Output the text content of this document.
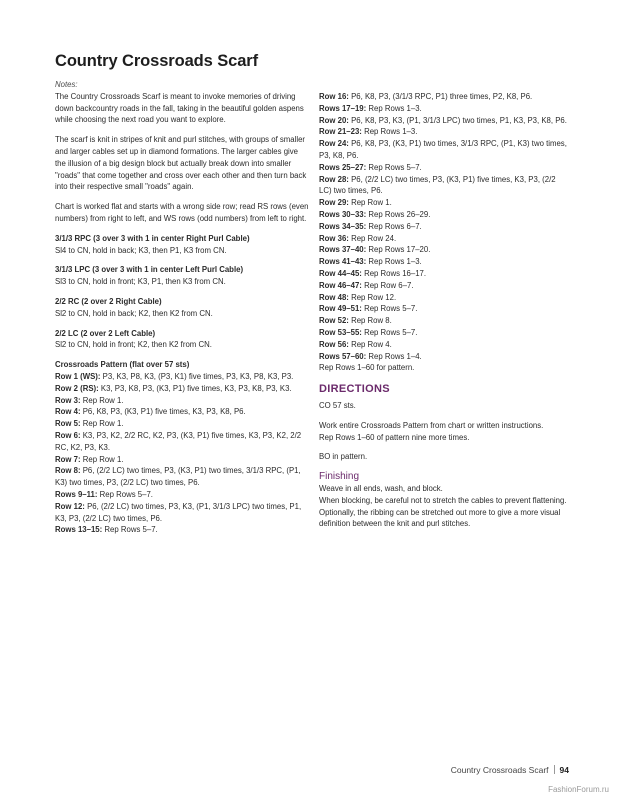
Country Crossroads Scarf

Notes:

The Country Crossroads Scarf is meant to invoke memories of driving down backcountry roads in the fall, taking in the beautiful golden aspens while choosing the next road you want to explore.

The scarf is knit in stripes of knit and purl stitches, with groups of smaller and larger cables set up in diamond formations. The larger cables give the illusion of a big design block but actually break down into smaller "roads" that come together and cross over each other and then turn back into their respective small "roads" again.

Chart is worked flat and starts with a wrong side row; read RS rows (even numbers) from right to left, and WS rows (odd numbers) from left to right.

3/1/3 RPC (3 over 3 with 1 in center Right Purl Cable)

Sl4 to CN, hold in back; K3, then P1, K3 from CN.

3/1/3 LPC (3 over 3 with 1 in center Left Purl Cable)

Sl3 to CN, hold in front; K3, P1, then K3 from CN.

2/2 RC (2 over 2 Right Cable)

Sl2 to CN, hold in back; K2, then K2 from CN.

2/2 LC (2 over 2 Left Cable)

Sl2 to CN, hold in front; K2, then K2 from CN.

Crossroads Pattern (flat over 57 sts)

Row 1 (WS): P3, K3, P8, K3, (P3, K1) five times, P3, K3, P8, K3, P3.

Row 2 (RS): K3, P3, K8, P3, (K3, P1) five times, K3, P3, K8, P3, K3.

Row 3: Rep Row 1.

Row 4: P6, K8, P3, (K3, P1) five times, K3, P3, K8, P6.

Row 5: Rep Row 1.

Row 6: K3, P3, K2, 2/2 RC, K2, P3, (K3, P1) five times, K3, P3, K2, 2/2 RC, K2, P3, K3.

Row 7: Rep Row 1.

Row 8: P6, (2/2 LC) two times, P3, (K3, P1) two times, 3/1/3 RPC, (P1, K3) two times, P3, (2/2 LC) two times, P6.

Rows 9–11: Rep Rows 5–7.

Row 12: P6, (2/2 LC) two times, P3, K3, (P1, 3/1/3 LPC) two times, P1, K3, P3, (2/2 LC) two times, P6.

Rows 13–15: Rep Rows 5–7.

Row 16: P6, K8, P3, (3/1/3 RPC, P1) three times, P2, K8, P6.

Rows 17–19: Rep Rows 1–3.

Row 20: P6, K8, P3, K3, (P1, 3/1/3 LPC) two times, P1, K3, P3, K8, P6.

Row 21–23: Rep Rows 1–3.

Row 24: P6, K8, P3, (K3, P1) two times, 3/1/3 RPC, (P1, K3) two times, P3, K8, P6.

Rows 25–27: Rep Rows 5–7.

Row 28: P6, (2/2 LC) two times, P3, (K3, P1) five times, K3, P3, (2/2 LC) two times, P6.

Row 29: Rep Row 1.

Rows 30–33: Rep Rows 26–29.

Rows 34–35: Rep Rows 6–7.

Row 36: Rep Row 24.

Rows 37–40: Rep Rows 17–20.

Rows 41–43: Rep Rows 1–3.

Row 44–45: Rep Rows 16–17.

Row 46–47: Rep Row 6–7.

Row 48: Rep Row 12.

Row 49–51: Rep Rows 5–7.

Row 52: Rep Row 8.

Row 53–55: Rep Rows 5–7.

Row 56: Rep Row 4.

Rows 57–60: Rep Rows 1–4.

Rep Rows 1–60 for pattern.

DIRECTIONS

CO 57 sts.

Work entire Crossroads Pattern from chart or written instructions.
Rep Rows 1–60 of pattern nine more times.

BO in pattern.

Finishing

Weave in all ends, wash, and block.
When blocking, be careful not to stretch the cables to prevent flattening. Optionally, the ribbing can be stretched out more to give a more visual definition between the knit and purl stitches.

Country Crossroads Scarf 94
FashionForum.ru
